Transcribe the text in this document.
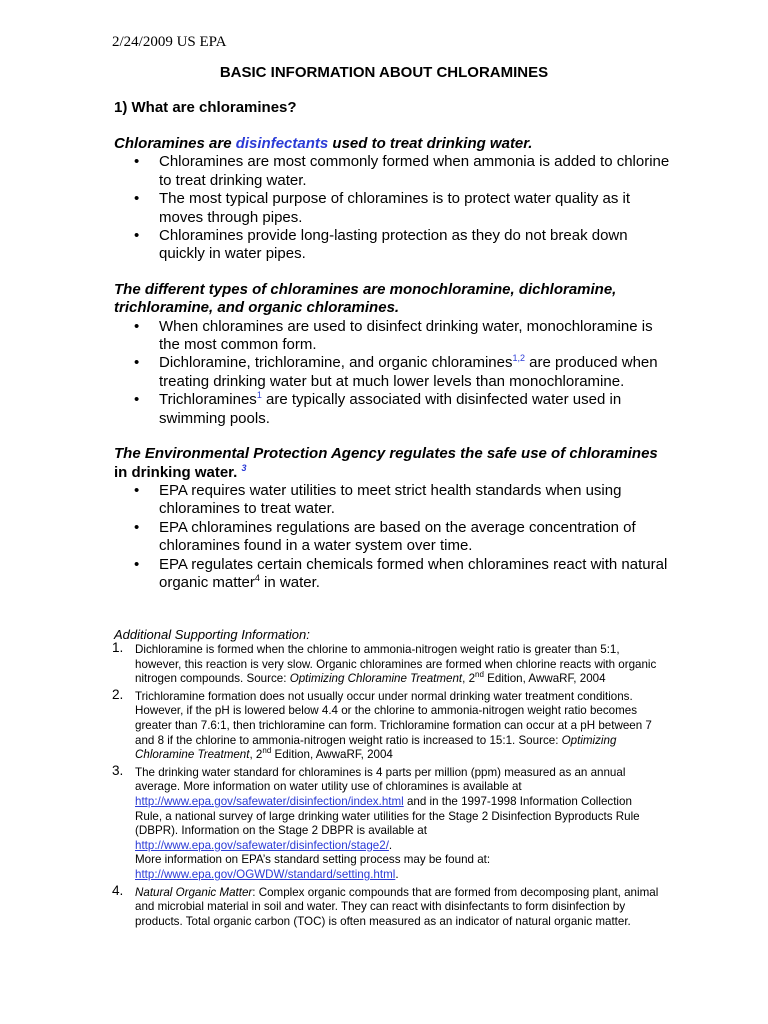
2/24/2009 US EPA
BASIC INFORMATION ABOUT CHLORAMINES
1) What are chloramines?
Chloramines are disinfectants used to treat drinking water.
• Chloramines are most commonly formed when ammonia is added to chlorine to treat drinking water.
• The most typical purpose of chloramines is to protect water quality as it moves through pipes.
• Chloramines provide long-lasting protection as they do not break down quickly in water pipes.
The different types of chloramines are monochloramine, dichloramine, trichloramine, and organic chloramines.
• When chloramines are used to disinfect drinking water, monochloramine is the most common form.
• Dichloramine, trichloramine, and organic chloramines$^{1,2}$ are produced when treating drinking water but at much lower levels than monochloramine.
• Trichloramines$^1$ are typically associated with disinfected water used in swimming pools.
The Environmental Protection Agency regulates the safe use of chloramines in drinking water. $^3$
• EPA requires water utilities to meet strict health standards when using chloramines to treat water.
• EPA chloramines regulations are based on the average concentration of chloramines found in a water system over time.
• EPA regulates certain chemicals formed when chloramines react with natural organic matter$^4$ in water.
Additional Supporting Information:
1. Dichloramine is formed when the chlorine to ammonia-nitrogen weight ratio is greater than 5:1, however, this reaction is very slow. Organic chloramines are formed when chlorine reacts with organic nitrogen compounds. Source: Optimizing Chloramine Treatment, 2nd Edition, AwwaRF, 2004
2. Trichloramine formation does not usually occur under normal drinking water treatment conditions. However, if the pH is lowered below 4.4 or the chlorine to ammonia-nitrogen weight ratio becomes greater than 7.6:1, then trichloramine can form. Trichloramine formation can occur at a pH between 7 and 8 if the chlorine to ammonia-nitrogen weight ratio is increased to 15:1. Source: Optimizing Chloramine Treatment, 2nd Edition, AwwaRF, 2004
3. The drinking water standard for chloramines is 4 parts per million (ppm) measured as an annual average. More information on water utility use of chloramines is available at http://www.epa.gov/safewater/disinfection/index.html and in the 1997-1998 Information Collection Rule, a national survey of large drinking water utilities for the Stage 2 Disinfection Byproducts Rule (DBPR). Information on the Stage 2 DBPR is available at http://www.epa.gov/safewater/disinfection/stage2/.
More information on EPA’s standard setting process may be found at:
http://www.epa.gov/OGWDW/standard/setting.html.
4. Natural Organic Matter: Complex organic compounds that are formed from decomposing plant, animal and microbial material in soil and water. They can react with disinfectants to form disinfection by products. Total organic carbon (TOC) is often measured as an indicator of natural organic matter.
